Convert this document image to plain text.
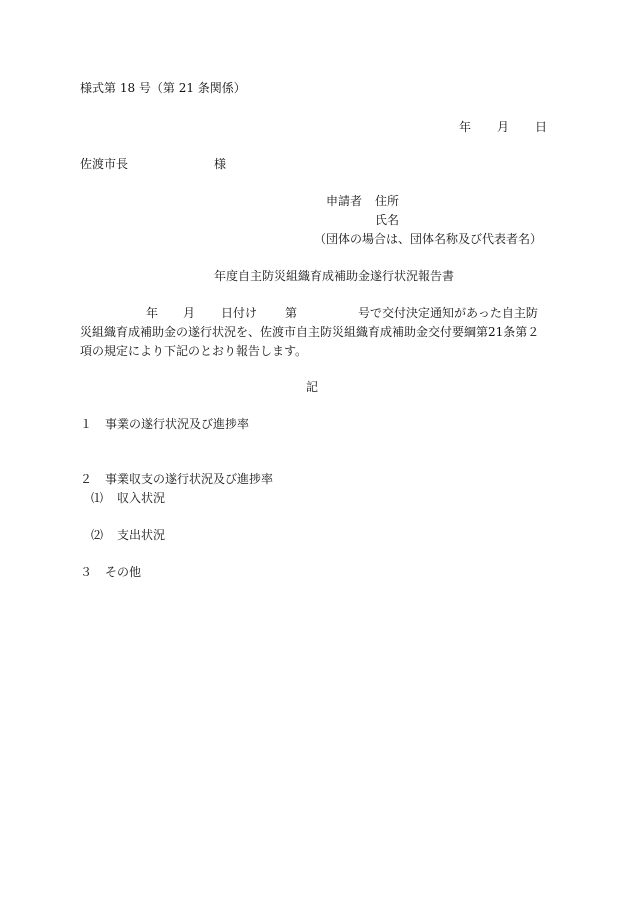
様式第 18 号（第 21 条関係）
年 月 日
佐渡市長	様
申請者 住所
氏名
（団体の場合は、団体名称及び代表者名）
年度自主防災組織育成補助金遂行状況報告書
年 月 日付け 第	号で交付決定通知があった自主防
災組織育成補助金の遂行状況を、佐渡市自主防災組織育成補助金交付要綱第21条第２
項の規定により下記のとおり報告します。
記
１ 事業の遂行状況及び進捗率
２ 事業収支の遂行状況及び進捗率
⑴ 収入状況
⑵ 支出状況
３ その他
